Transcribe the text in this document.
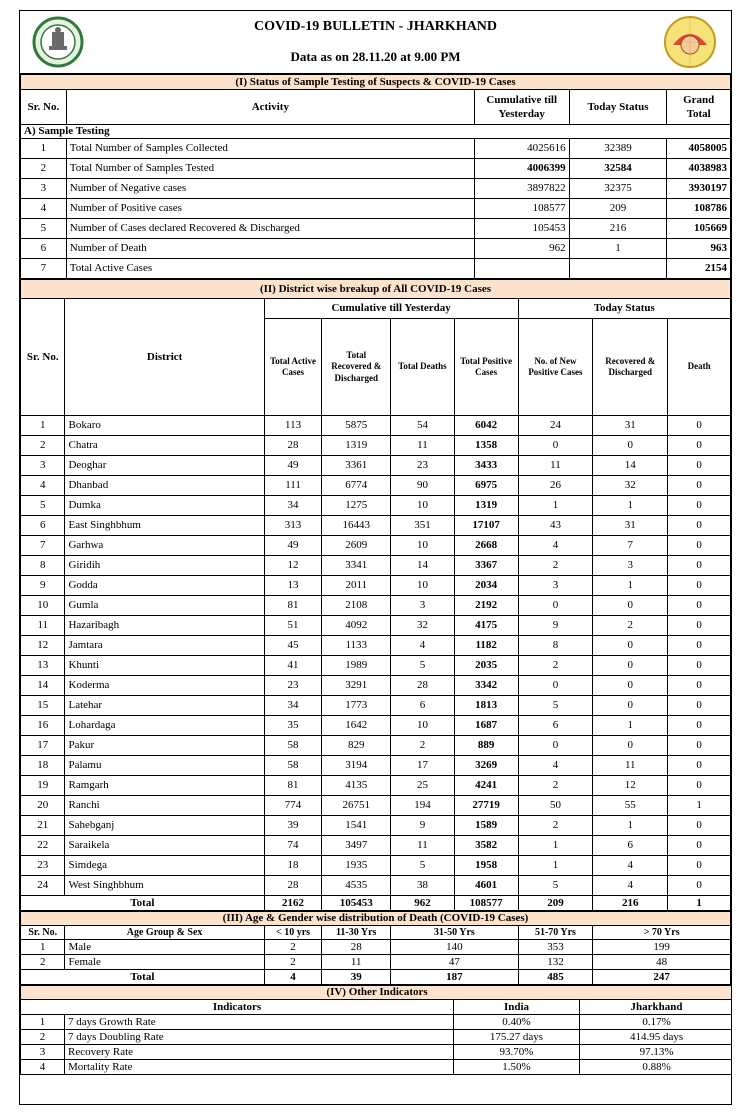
COVID-19 BULLETIN - JHARKHAND
Data as on 28.11.20 at 9.00 PM
(I) Status of Sample Testing of Suspects & COVID-19 Cases				
Sr. No.	Activity	Cumulative till Yesterday	Today Status	Grand Total
A) Sample Testing				
1	Total Number of Samples Collected	4025616	32389	4058005
2	Total Number of Samples Tested	4006399	32584	4038983
3	Number of Negative cases	3897822	32375	3930197
4	Number of Positive cases	108577	209	108786
5	Number of Cases declared Recovered & Discharged	105453	216	105669
6	Number of Death	962	1	963
7	Total Active Cases			2154
(II) District wise breakup of All COVID-19 Cases								
Sr. No.	District	Cumulative till Yesterday				Today Status		
		Total Active Cases	Total Recovered & Discharged	Total Deaths	Total Positive Cases	No. of New Positive Cases	Recovered & Discharged	Death
1	Bokaro	113	5875	54	6042	24	31	0
2	Chatra	28	1319	11	1358	0	0	0
3	Deoghar	49	3361	23	3433	11	14	0
4	Dhanbad	111	6774	90	6975	26	32	0
5	Dumka	34	1275	10	1319	1	1	0
6	East Singhbhum	313	16443	351	17107	43	31	0
7	Garhwa	49	2609	10	2668	4	7	0
8	Giridih	12	3341	14	3367	2	3	0
9	Godda	13	2011	10	2034	3	1	0
10	Gumla	81	2108	3	2192	0	0	0
11	Hazaribagh	51	4092	32	4175	9	2	0
12	Jamtara	45	1133	4	1182	8	0	0
13	Khunti	41	1989	5	2035	2	0	0
14	Koderma	23	3291	28	3342	0	0	0
15	Latehar	34	1773	6	1813	5	0	0
16	Lohardaga	35	1642	10	1687	6	1	0
17	Pakur	58	829	2	889	0	0	0
18	Palamu	58	3194	17	3269	4	11	0
19	Ramgarh	81	4135	25	4241	2	12	0
20	Ranchi	774	26751	194	27719	50	55	1
21	Sahebganj	39	1541	9	1589	2	1	0
22	Saraikela	74	3497	11	3582	1	6	0
23	Simdega	18	1935	5	1958	1	4	0
24	West Singhbhum	28	4535	38	4601	5	4	0
Total		2162	105453	962	108577	209	216	1
(III) Age & Gender wise distribution of Death (COVID-19 Cases)						
Sr. No.	Age Group & Sex	< 10 yrs	11-30 Yrs	31-50 Yrs	51-70 Yrs	> 70 Yrs
1	Male	2	28	140	353	199
2	Female	2	11	47	132	48
Total		4	39	187	485	247
(IV) Other Indicators			
Indicators		India	Jharkhand
1	7 days Growth Rate	0.40%	0.17%
2	7 days Doubling Rate	175.27 days	414.95 days
3	Recovery Rate	93.70%	97.13%
4	Mortality Rate	1.50%	0.88%
